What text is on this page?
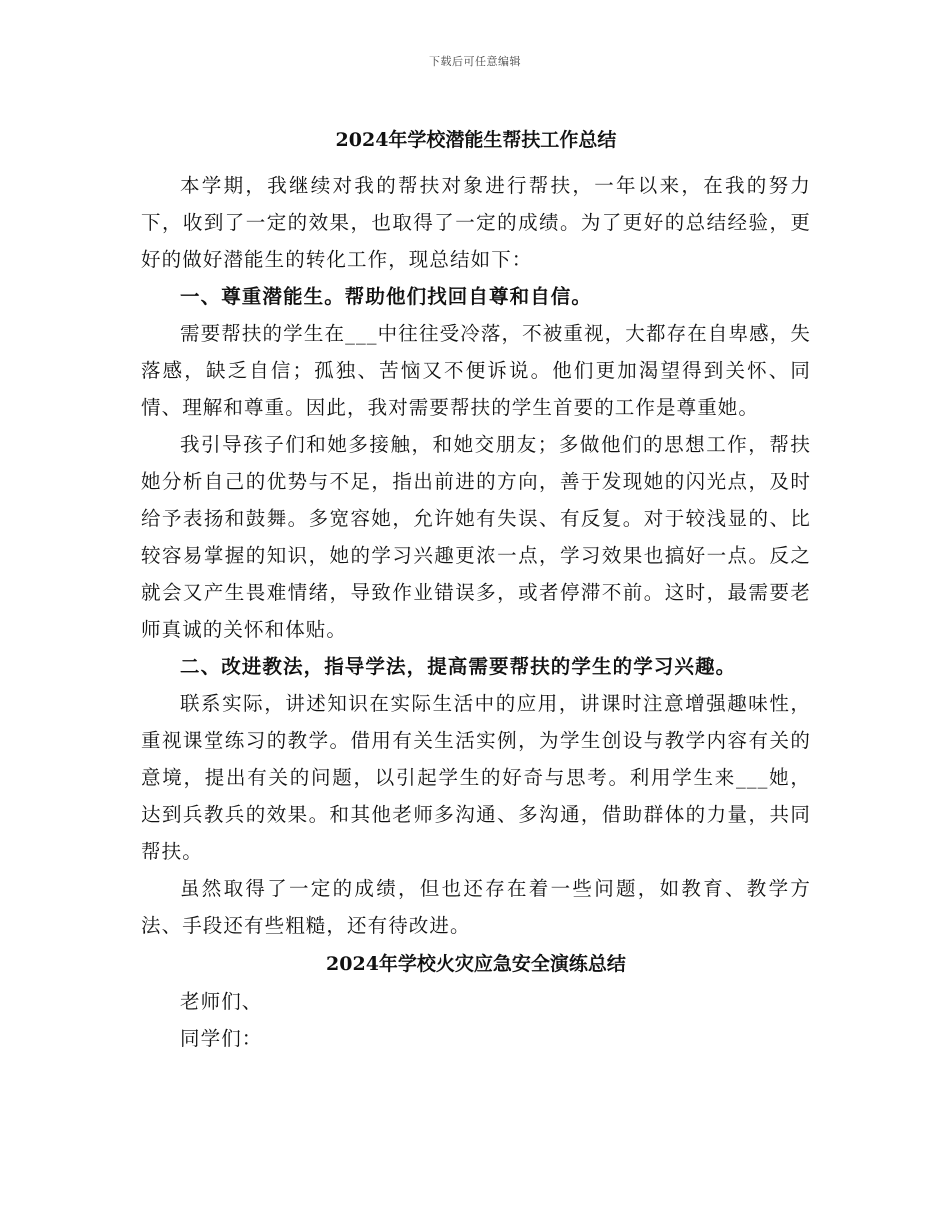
下载后可任意编辑
2024年学校潜能生帮扶工作总结

本学期，我继续对我的帮扶对象进行帮扶，一年以来，在我的努力下，收到了一定的效果，也取得了一定的成绩。为了更好的总结经验，更好的做好潜能生的转化工作，现总结如下：

一、尊重潜能生。帮助他们找回自尊和自信。

需要帮扶的学生在___中往往受冷落，不被重视，大都存在自卑感，失落感，缺乏自信；孤独、苦恼又不便诉说。他们更加渴望得到关怀、同情、理解和尊重。因此，我对需要帮扶的学生首要的工作是尊重她。

我引导孩子们和她多接触，和她交朋友；多做他们的思想工作，帮扶她分析自己的优势与不足，指出前进的方向，善于发现她的闪光点，及时给予表扬和鼓舞。多宽容她，允许她有失误、有反复。对于较浅显的、比较容易掌握的知识，她的学习兴趣更浓一点，学习效果也搞好一点。反之就会又产生畏难情绪，导致作业错误多，或者停滞不前。这时，最需要老师真诚的关怀和体贴。

二、改进教法，指导学法，提高需要帮扶的学生的学习兴趣。

联系实际，讲述知识在实际生活中的应用，讲课时注意增强趣味性，重视课堂练习的教学。借用有关生活实例，为学生创设与教学内容有关的意境，提出有关的问题，以引起学生的好奇与思考。利用学生来___她，达到兵教兵的效果。和其他老师多沟通、多沟通，借助群体的力量，共同帮扶。

虽然取得了一定的成绩，但也还存在着一些问题，如教育、教学方法、手段还有些粗糙，还有待改进。

2024年学校火灾应急安全演练总结

老师们、

同学们：
